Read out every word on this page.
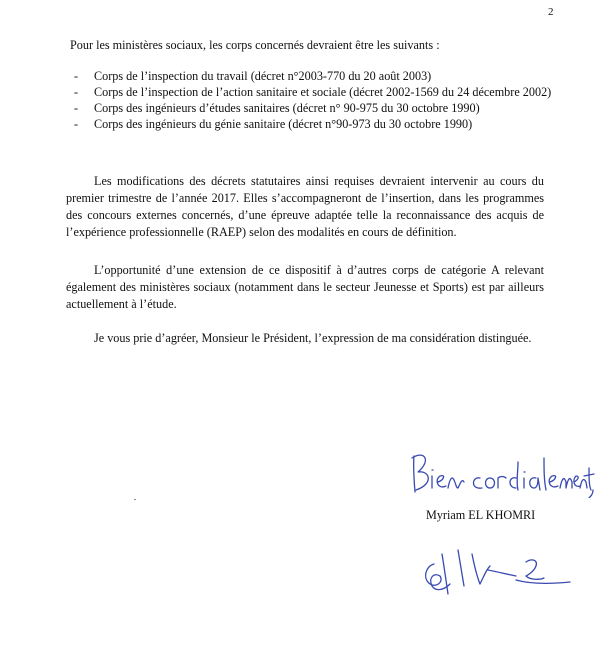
2
Pour les ministères sociaux, les corps concernés devraient être les suivants :
- Corps de l’inspection du travail (décret n°2003-770 du 20 août 2003)
- Corps de l’inspection de l’action sanitaire et sociale (décret 2002-1569 du 24 décembre 2002)
- Corps des ingénieurs d’études sanitaires (décret n° 90-975 du 30 octobre 1990)
- Corps des ingénieurs du génie sanitaire (décret n°90-973 du 30 octobre 1990)

Les modifications des décrets statutaires ainsi requises devraient intervenir au cours du premier trimestre de l’année 2017. Elles s’accompagneront de l’insertion, dans les programmes des concours externes concernés, d’une épreuve adaptée telle la reconnaissance des acquis de l’expérience professionnelle (RAEP) selon des modalités en cours de définition.

L’opportunité d’une extension de ce dispositif à d’autres corps de catégorie A relevant également des ministères sociaux (notamment dans le secteur Jeunesse et Sports) est par ailleurs actuellement à l’étude.

Je vous prie d’agréer, Monsieur le Président, l’expression de ma considération distinguée.

Myriam EL KHOMRI
